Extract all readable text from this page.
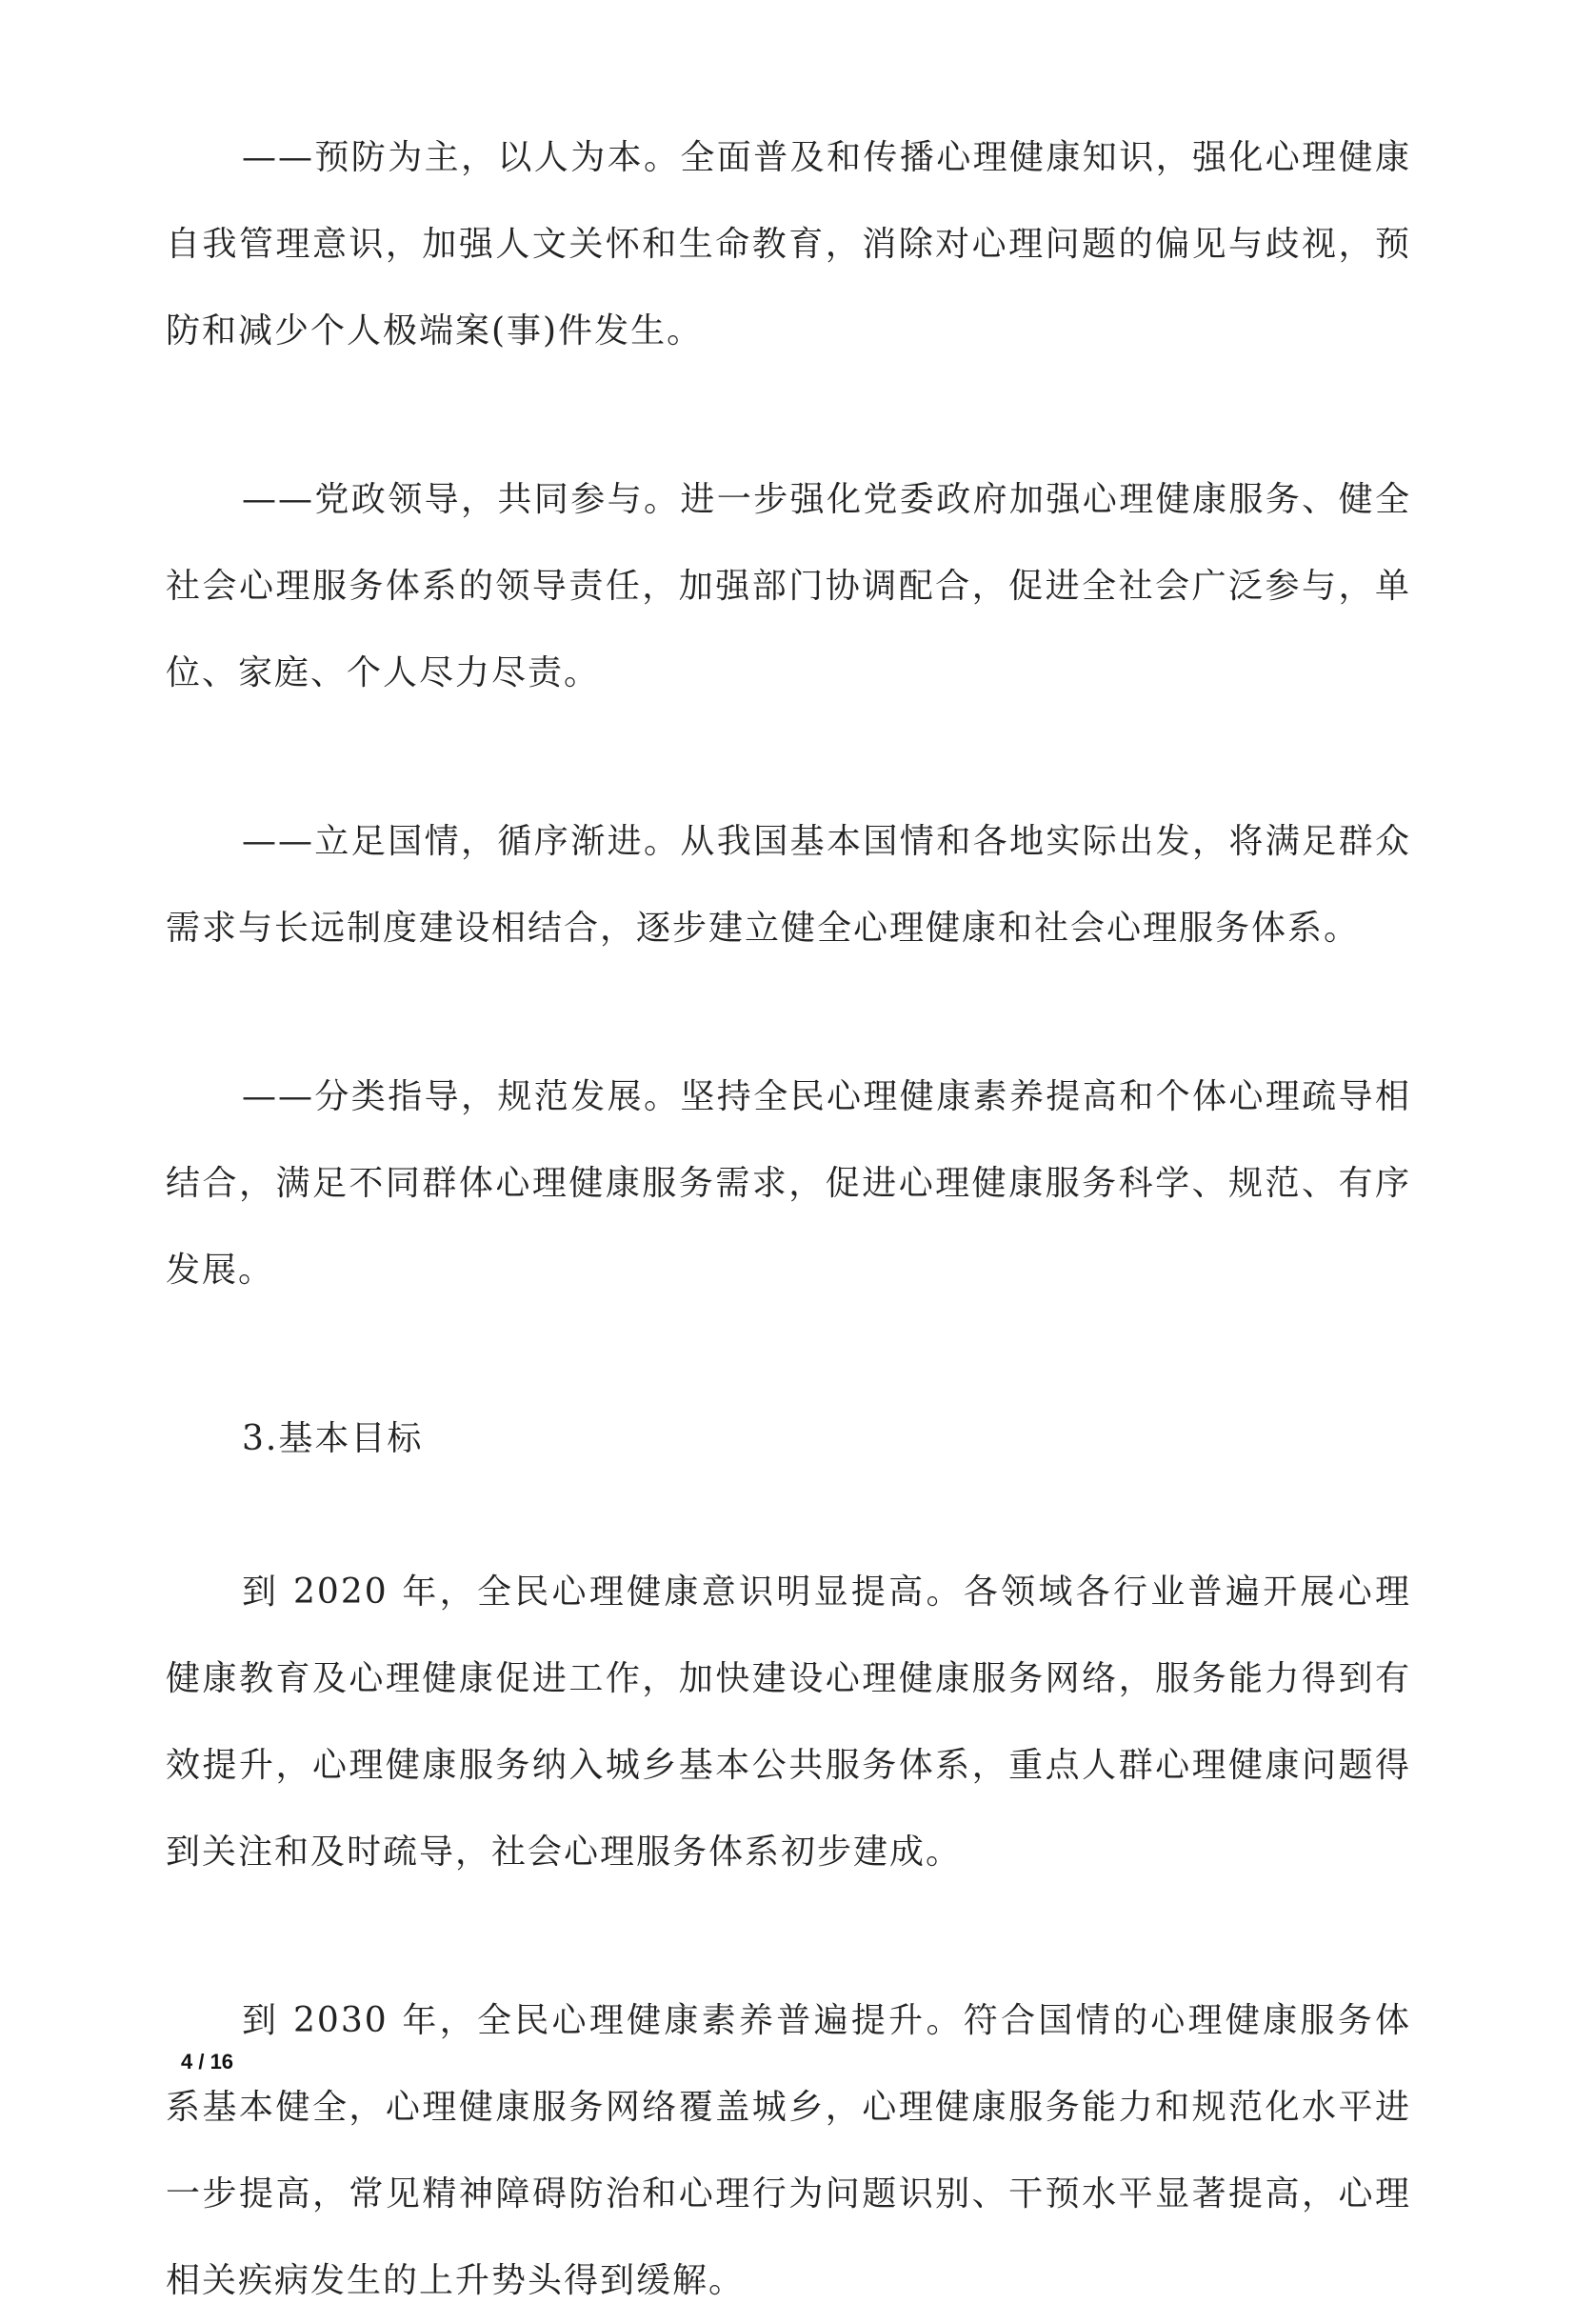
——预防为主，以人为本。全面普及和传播心理健康知识，强化心理健康自我管理意识，加强人文关怀和生命教育，消除对心理问题的偏见与歧视，预防和减少个人极端案(事)件发生。

——党政领导，共同参与。进一步强化党委政府加强心理健康服务、健全社会心理服务体系的领导责任，加强部门协调配合，促进全社会广泛参与，单位、家庭、个人尽力尽责。

——立足国情，循序渐进。从我国基本国情和各地实际出发，将满足群众需求与长远制度建设相结合，逐步建立健全心理健康和社会心理服务体系。

——分类指导，规范发展。坚持全民心理健康素养提高和个体心理疏导相结合，满足不同群体心理健康服务需求，促进心理健康服务科学、规范、有序发展。

3.基本目标

到 2020 年，全民心理健康意识明显提高。各领域各行业普遍开展心理健康教育及心理健康促进工作，加快建设心理健康服务网络，服务能力得到有效提升，心理健康服务纳入城乡基本公共服务体系，重点人群心理健康问题得到关注和及时疏导，社会心理服务体系初步建成。

到 2030 年，全民心理健康素养普遍提升。符合国情的心理健康服务体系基本健全，心理健康服务网络覆盖城乡，心理健康服务能力和规范化水平进一步提高，常见精神障碍防治和心理行为问题识别、干预水平显著提高，心理相关疾病发生的上升势头得到缓解。

4 / 16
